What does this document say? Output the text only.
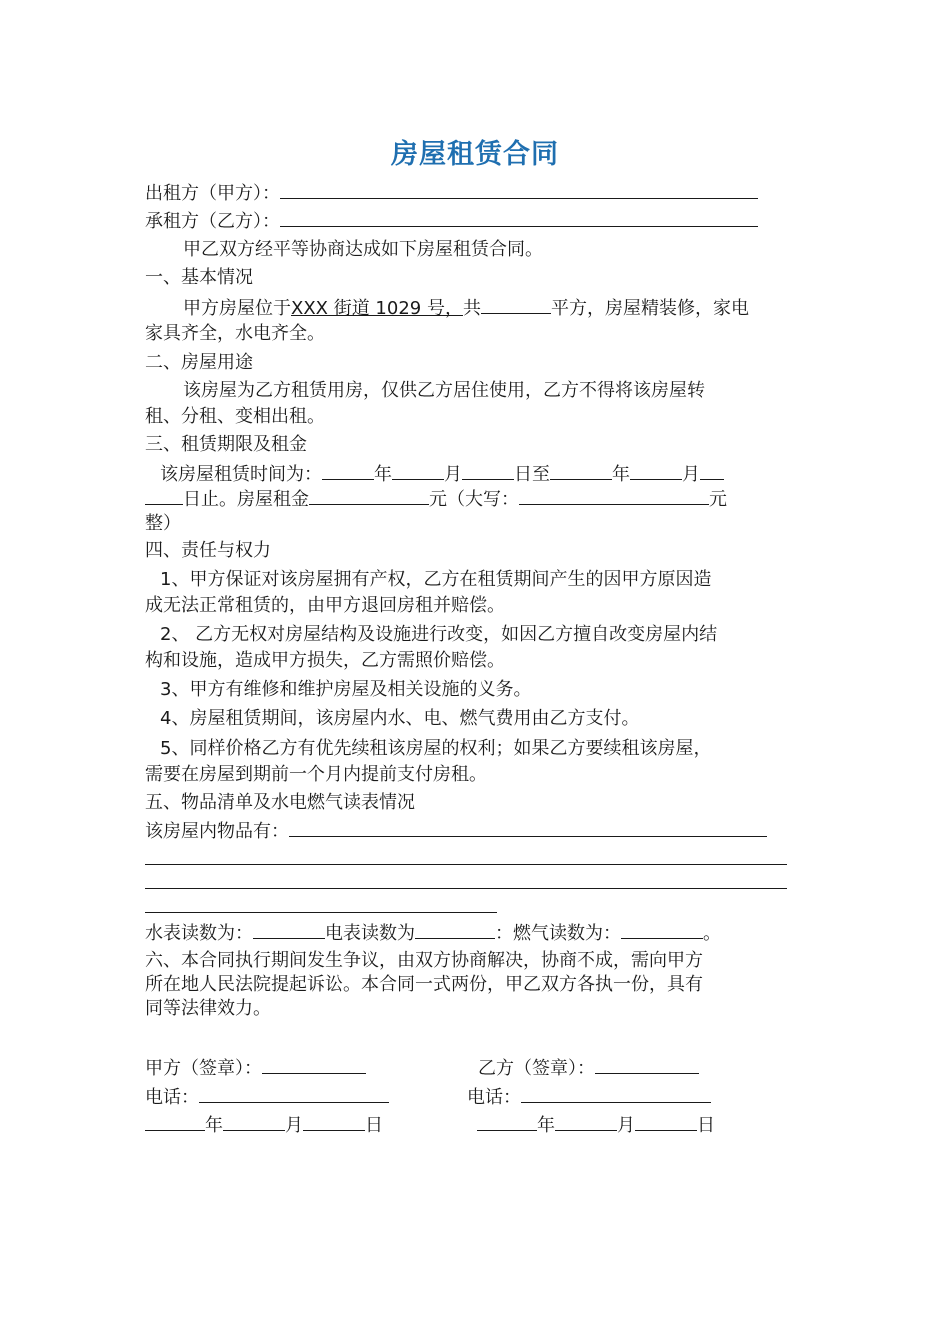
房屋租赁合同
出租方（甲方）：
承租方（乙方）：
甲乙双方经平等协商达成如下房屋租赁合同。
一、基本情况
甲方房屋位于XXX 街道 1029 号，共	平方，房屋精装修，家电
家具齐全，水电齐全。
二、房屋用途
该房屋为乙方租赁用房，仅供乙方居住使用，乙方不得将该房屋转
租、分租、变相出租。
三、租赁期限及租金
该房屋租赁时间为：	年	月	日至	年	月
日止。房屋租金	元（大写：	元
整）
四、责任与权力
1、甲方保证对该房屋拥有产权，乙方在租赁期间产生的因甲方原因造
成无法正常租赁的，由甲方退回房租并赔偿。
2、 乙方无权对房屋结构及设施进行改变，如因乙方擅自改变房屋内结
构和设施，造成甲方损失，乙方需照价赔偿。
3、甲方有维修和维护房屋及相关设施的义务。
4、房屋租赁期间，该房屋内水、电、燃气费用由乙方支付。
5、同样价格乙方有优先续租该房屋的权利；如果乙方要续租该房屋，
需要在房屋到期前一个月内提前支付房租。
五、物品清单及水电燃气读表情况
该房屋内物品有：
水表读数为：	电表读数为	：燃气读数为：	。
六、本合同执行期间发生争议，由双方协商解决，协商不成，需向甲方
所在地人民法院提起诉讼。本合同一式两份，甲乙双方各执一份，具有
同等法律效力。
甲方（签章）：	乙方（签章）：
电话：	电话：
年	月	日	年	月	日
